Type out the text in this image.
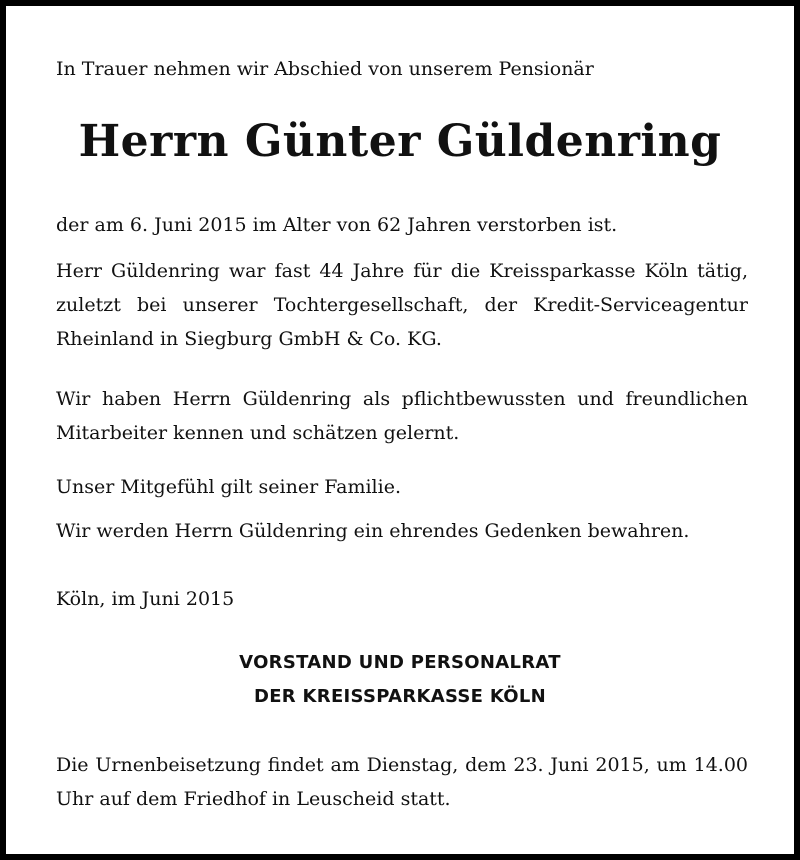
In Trauer nehmen wir Abschied von unserem Pensionär

Herrn Günter Güldenring

der am 6. Juni 2015 im Alter von 62 Jahren verstorben ist.

Herr Güldenring war fast 44 Jahre für die Kreissparkasse Köln tätig, zuletzt bei unserer Tochtergesellschaft, der Kredit-Serviceagentur Rheinland in Siegburg GmbH & Co. KG.

Wir haben Herrn Güldenring als pflichtbewussten und freundlichen Mitarbeiter kennen und schätzen gelernt.

Unser Mitgefühl gilt seiner Familie.

Wir werden Herrn Güldenring ein ehrendes Gedenken bewahren.

Köln, im Juni 2015

VORSTAND UND PERSONALRAT
DER KREISSPARKASSE KÖLN

Die Urnenbeisetzung findet am Dienstag, dem 23. Juni 2015, um 14.00 Uhr auf dem Friedhof in Leuscheid statt.
